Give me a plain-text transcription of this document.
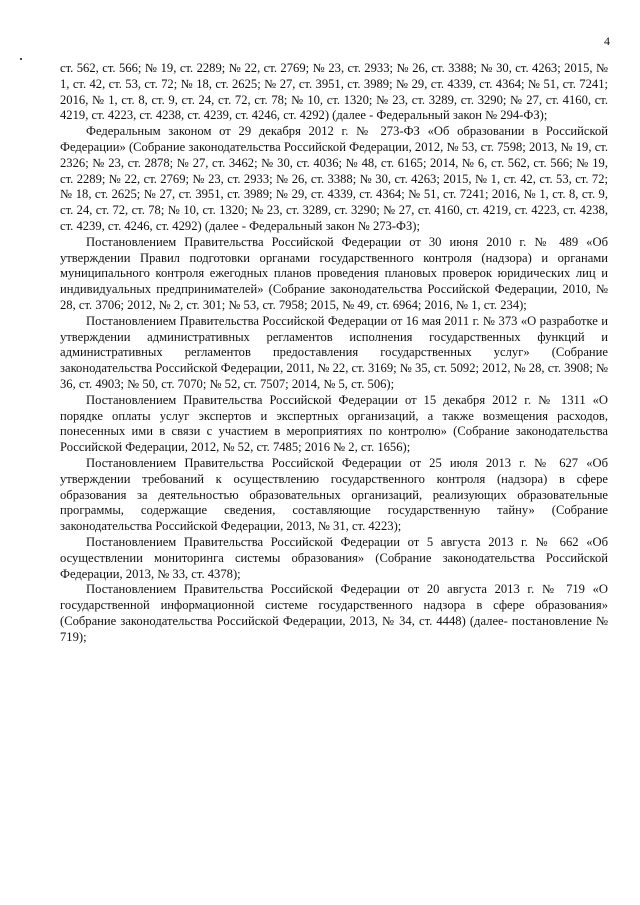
4

ст. 562, ст. 566; № 19, ст. 2289; № 22, ст. 2769; № 23, ст. 2933; № 26, ст. 3388; № 30, ст. 4263; 2015, № 1, ст. 42, ст. 53, ст. 72; № 18, ст. 2625; № 27, ст. 3951, ст. 3989; № 29, ст. 4339, ст. 4364; № 51, ст. 7241; 2016, № 1, ст. 8, ст. 9, ст. 24, ст. 72, ст. 78; № 10, ст. 1320; № 23, ст. 3289, ст. 3290; № 27, ст. 4160, ст. 4219, ст. 4223, ст. 4238, ст. 4239, ст. 4246, ст. 4292) (далее - Федеральный закон № 294-ФЗ);

Федеральным законом от 29 декабря 2012 г. № 273-ФЗ «Об образовании в Российской Федерации» (Собрание законодательства Российской Федерации, 2012, № 53, ст. 7598; 2013, № 19, ст. 2326; № 23, ст. 2878; № 27, ст. 3462; № 30, ст. 4036; № 48, ст. 6165; 2014, № 6, ст. 562, ст. 566; № 19, ст. 2289; № 22, ст. 2769; № 23, ст. 2933; № 26, ст. 3388; № 30, ст. 4263; 2015, № 1, ст. 42, ст. 53, ст. 72; № 18, ст. 2625; № 27, ст. 3951, ст. 3989; № 29, ст. 4339, ст. 4364; № 51, ст. 7241; 2016, № 1, ст. 8, ст. 9, ст. 24, ст. 72, ст. 78; № 10, ст. 1320; № 23, ст. 3289, ст. 3290; № 27, ст. 4160, ст. 4219, ст. 4223, ст. 4238, ст. 4239, ст. 4246, ст. 4292) (далее - Федеральный закон № 273-ФЗ);

Постановлением Правительства Российской Федерации от 30 июня 2010 г. № 489 «Об утверждении Правил подготовки органами государственного контроля (надзора) и органами муниципального контроля ежегодных планов проведения плановых проверок юридических лиц и индивидуальных предпринимателей» (Собрание законодательства Российской Федерации, 2010, № 28, ст. 3706; 2012, № 2, ст. 301; № 53, ст. 7958; 2015, № 49, ст. 6964; 2016, № 1, ст. 234);

Постановлением Правительства Российской Федерации от 16 мая 2011 г. № 373 «О разработке и утверждении административных регламентов исполнения государственных функций и административных регламентов предоставления государственных услуг» (Собрание законодательства Российской Федерации, 2011, № 22, ст. 3169; № 35, ст. 5092; 2012, № 28, ст. 3908; № 36, ст. 4903; № 50, ст. 7070; № 52, ст. 7507; 2014, № 5, ст. 506);

Постановлением Правительства Российской Федерации от 15 декабря 2012 г. № 1311 «О порядке оплаты услуг экспертов и экспертных организаций, а также возмещения расходов, понесенных ими в связи с участием в мероприятиях по контролю» (Собрание законодательства Российской Федерации, 2012, № 52, ст. 7485; 2016 № 2, ст. 1656);

Постановлением Правительства Российской Федерации от 25 июля 2013 г. № 627 «Об утверждении требований к осуществлению государственного контроля (надзора) в сфере образования за деятельностью образовательных организаций, реализующих образовательные программы, содержащие сведения, составляющие государственную тайну» (Собрание законодательства Российской Федерации, 2013, № 31, ст. 4223);

Постановлением Правительства Российской Федерации от 5 августа 2013 г. № 662 «Об осуществлении мониторинга системы образования» (Собрание законодательства Российской Федерации, 2013, № 33, ст. 4378);

Постановлением Правительства Российской Федерации от 20 августа 2013 г. № 719 «О государственной информационной системе государственного надзора в сфере образования» (Собрание законодательства Российской Федерации, 2013, № 34, ст. 4448) (далее- постановление № 719);
